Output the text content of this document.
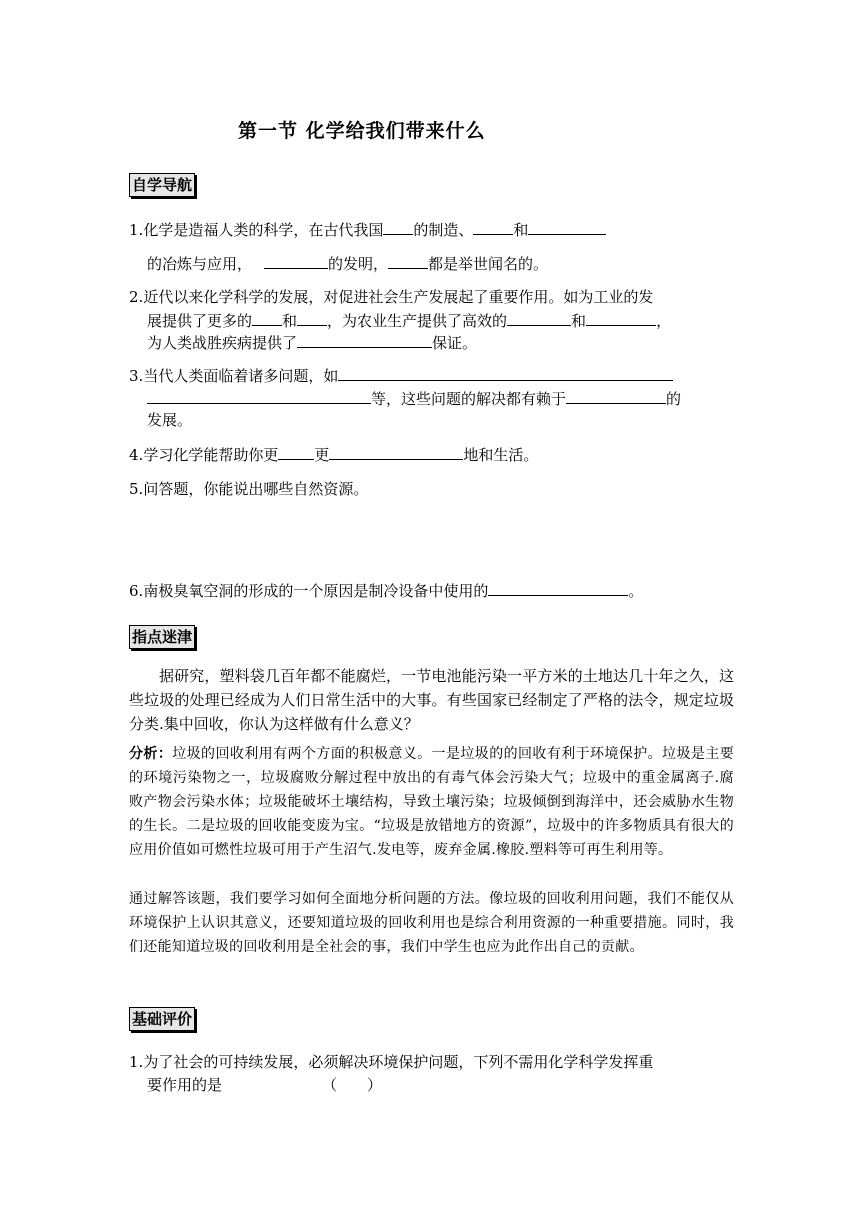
第一节 化学给我们带来什么
自学导航
1.化学是造福人类的科学，在古代我国 的制造、	和
的冶炼与应用，	的发明，	都是举世闻名的。
2.近代以来化学科学的发展，对促进社会生产发展起了重要作用。如为工业的发
展提供了更多的 和 ，为农业生产提供了高效的	和	，
为人类战胜疾病提供了	保证。
3.当代人类面临着诸多问题，如
等，这些问题的解决都有赖于	的
发展。
4.学习化学能帮助你更 更	地和生活。
5.问答题，你能说出哪些自然资源。
6.南极臭氧空洞的形成的一个原因是制冷设备中使用的	。
指点迷津
据研究，塑料袋几百年都不能腐烂，一节电池能污染一平方米的土地达几十年之久，这些垃圾的处理已经成为人们日常生活中的大事。有些国家已经制定了严格的法令，规定垃圾分类.集中回收，你认为这样做有什么意义？
分析：垃圾的回收利用有两个方面的积极意义。一是垃圾的的回收有利于环境保护。垃圾是主要的环境污染物之一，垃圾腐败分解过程中放出的有毒气体会污染大气；垃圾中的重金属离子.腐败产物会污染水体；垃圾能破坏土壤结构，导致土壤污染；垃圾倾倒到海洋中，还会威胁水生物的生长。二是垃圾的回收能变废为宝。“垃圾是放错地方的资源”，垃圾中的许多物质具有很大的应用价值如可燃性垃圾可用于产生沼气.发电等，废弃金属.橡胶.塑料等可再生利用等。
通过解答该题，我们要学习如何全面地分析问题的方法。像垃圾的回收利用问题，我们不能仅从环境保护上认识其意义，还要知道垃圾的回收利用也是综合利用资源的一种重要措施。同时，我们还能知道垃圾的回收利用是全社会的事，我们中学生也应为此作出自己的贡献。
基础评价
1.为了社会的可持续发展，必须解决环境保护问题，下列不需用化学科学发挥重
要作用的是	（　　）
